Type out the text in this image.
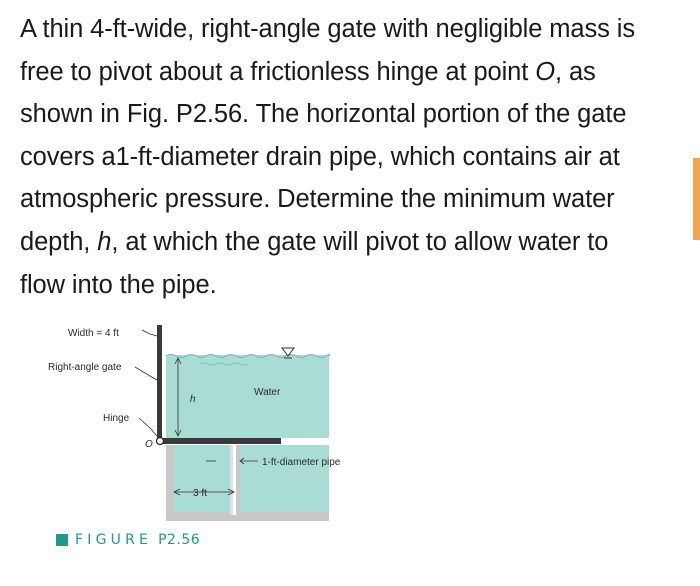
A thin 4-ft-wide, right-angle gate with negligible mass is
free to pivot about a frictionless hinge at point O, as
shown in Fig. P2.56. The horizontal portion of the gate
covers a1-ft-diameter drain pipe, which contains air at
atmospheric pressure. Determine the minimum water
depth, h, at which the gate will pivot to allow water to
flow into the pipe.
Width = 4 ft
Right-angle gate
Hinge
O
h
Water
1-ft-diameter pipe
3 ft
FIGURE P2.56
